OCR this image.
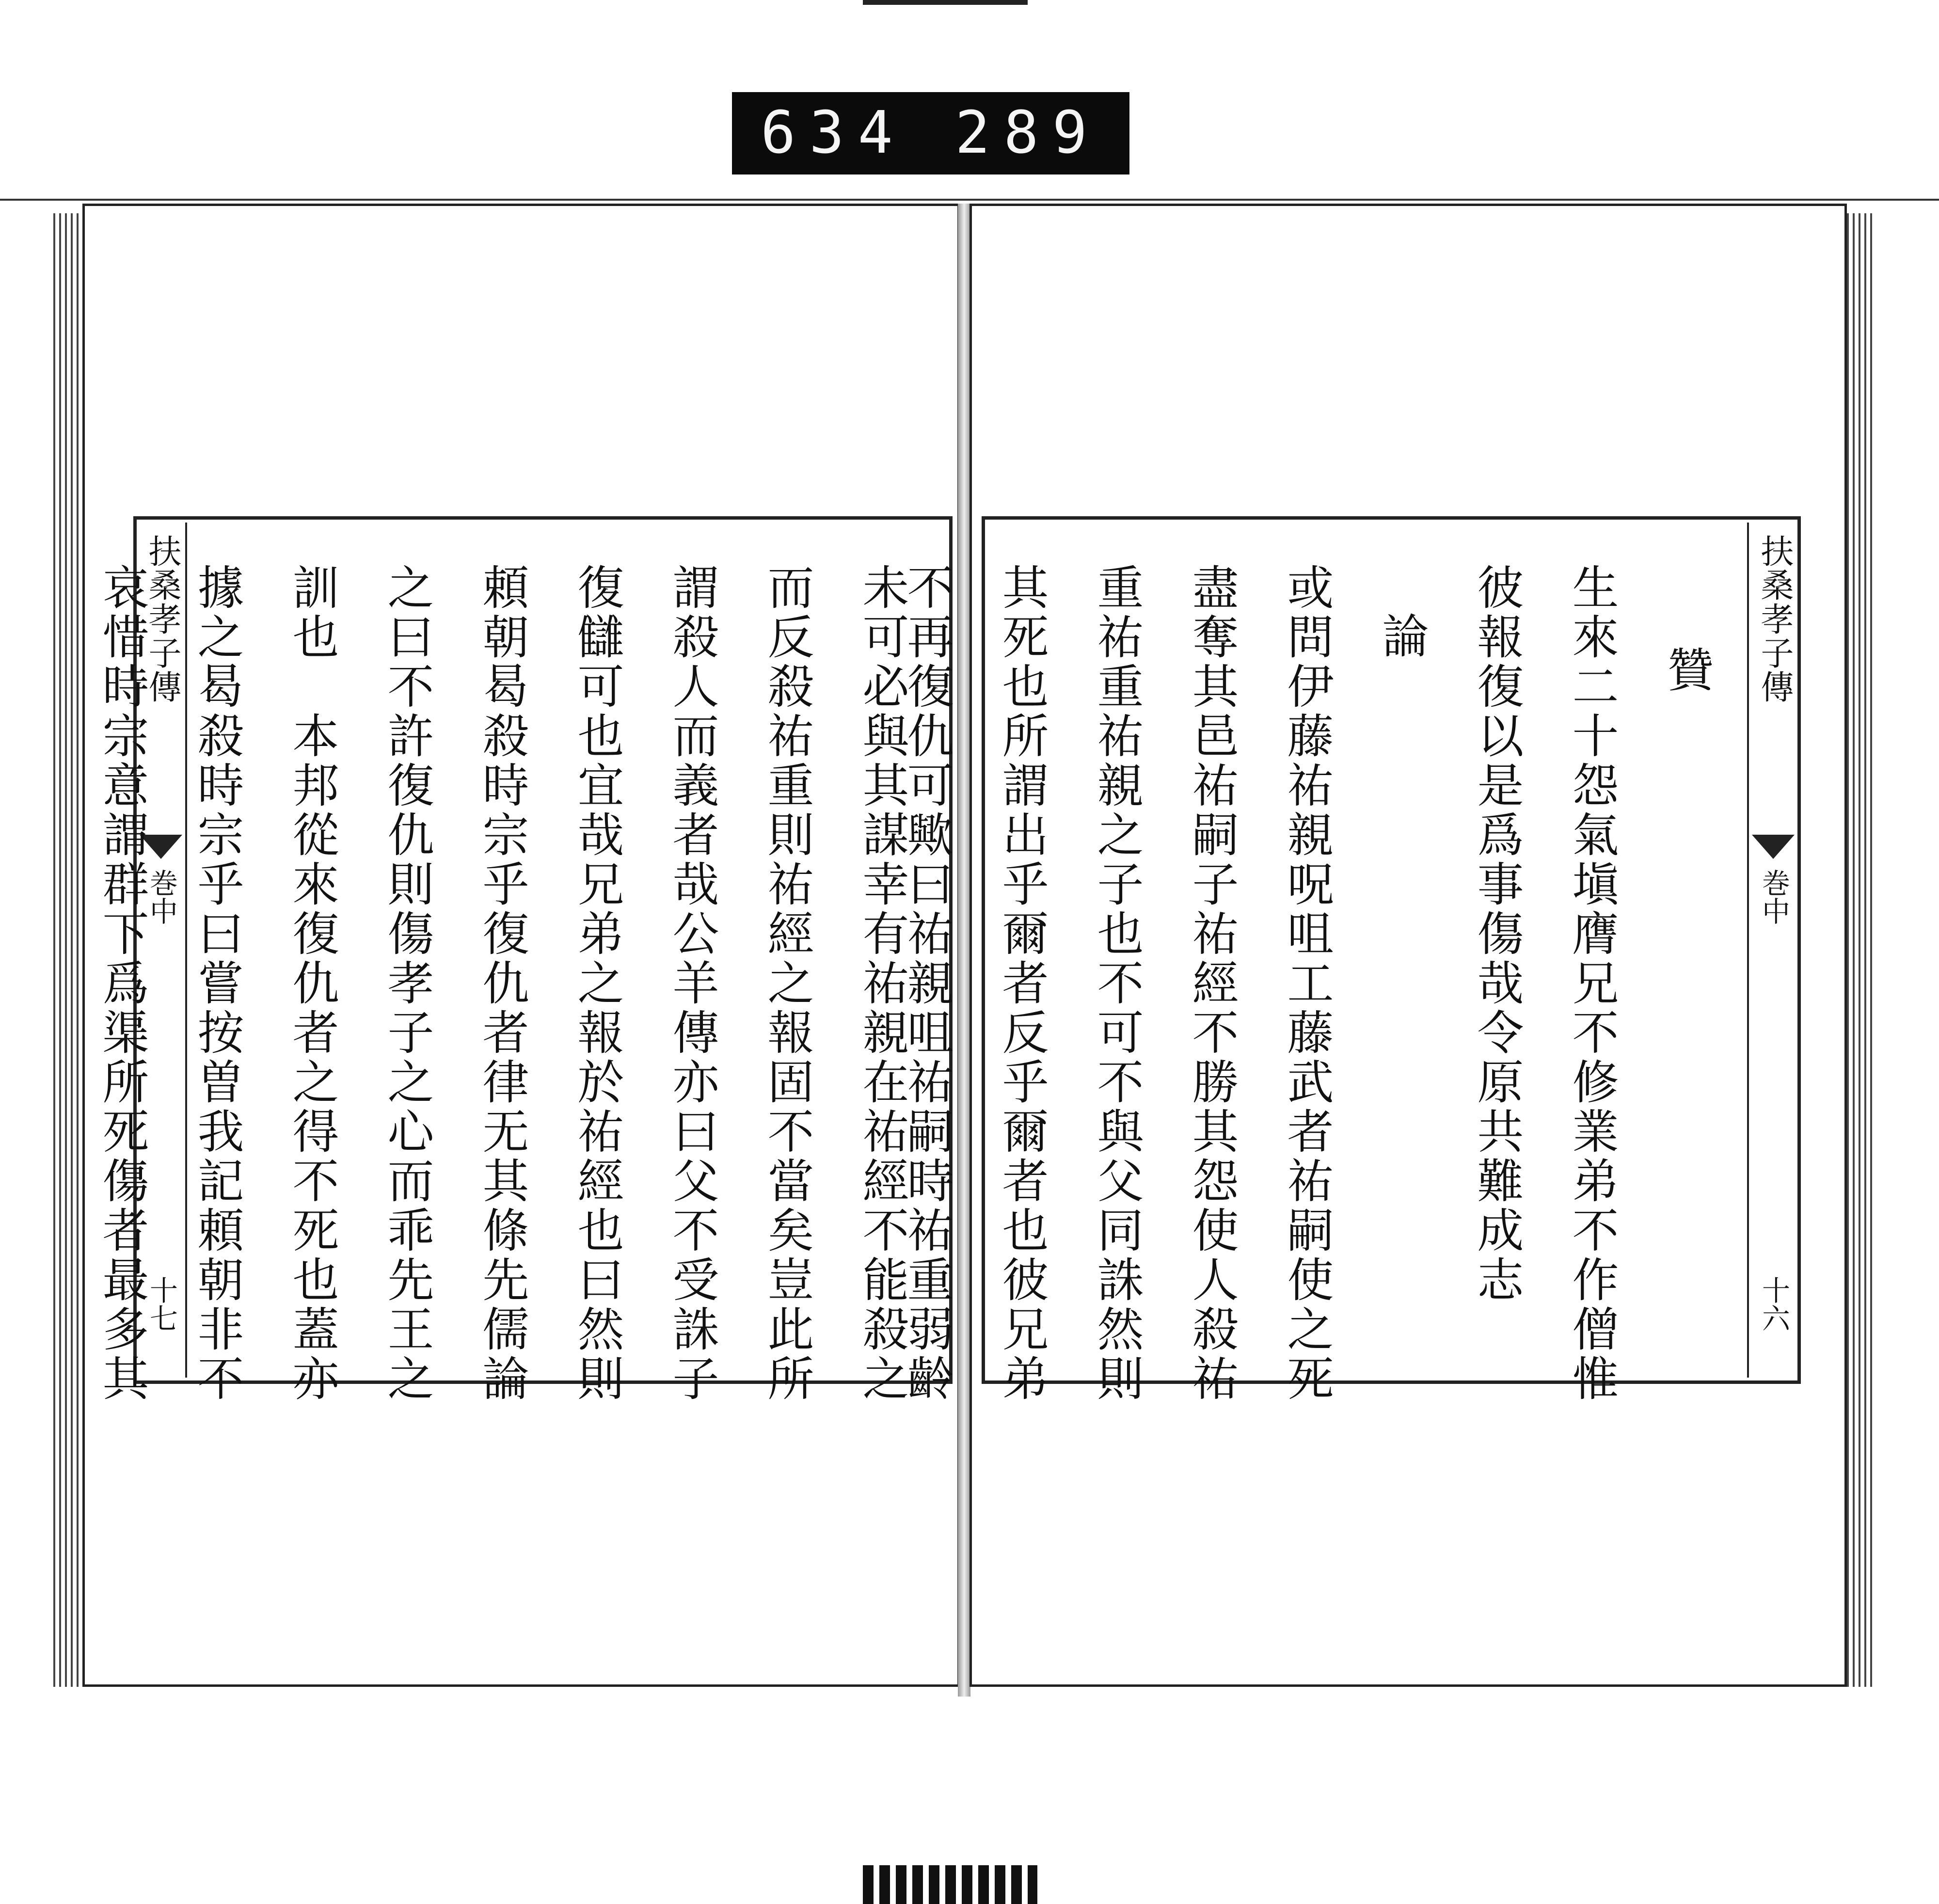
634 289
扶桑孝子傳
巻中
十七	未可必與其謀幸有祐親在祐經不能殺之
而反殺祐重則祐經之報固不當矣豈此所
謂殺人而義者哉公羊傳亦曰父不受誅子
復讎可也宜哉兄弟之報於祐經也曰然則
頼朝曷殺時宗乎復仇者律无其條先儒論
之曰不許復仇則傷孝子之心而乖先王之
訓也　本邦從來復仇者之得不死也蓋亦
據之曷殺時宗乎曰嘗按曽我記頼朝非不
哀惜時宗意謂群下爲渠所死傷者最多其	扶桑孝子傳
巻中
十六
贊
生來二十怨氣塡膺兄不修業弟不作僧惟
彼報復以是爲事傷哉令原共難成志
論
或問伊藤祐親呪咀工藤武者祐嗣使之死
盡奪其邑祐嗣子祐經不勝其怨使人殺祐
重祐重祐親之子也不可不與父同誅然則
其死也所謂出乎爾者反乎爾者也彼兄弟
不再復仇可歟曰祐親咀祐嗣時祐重弱齡
